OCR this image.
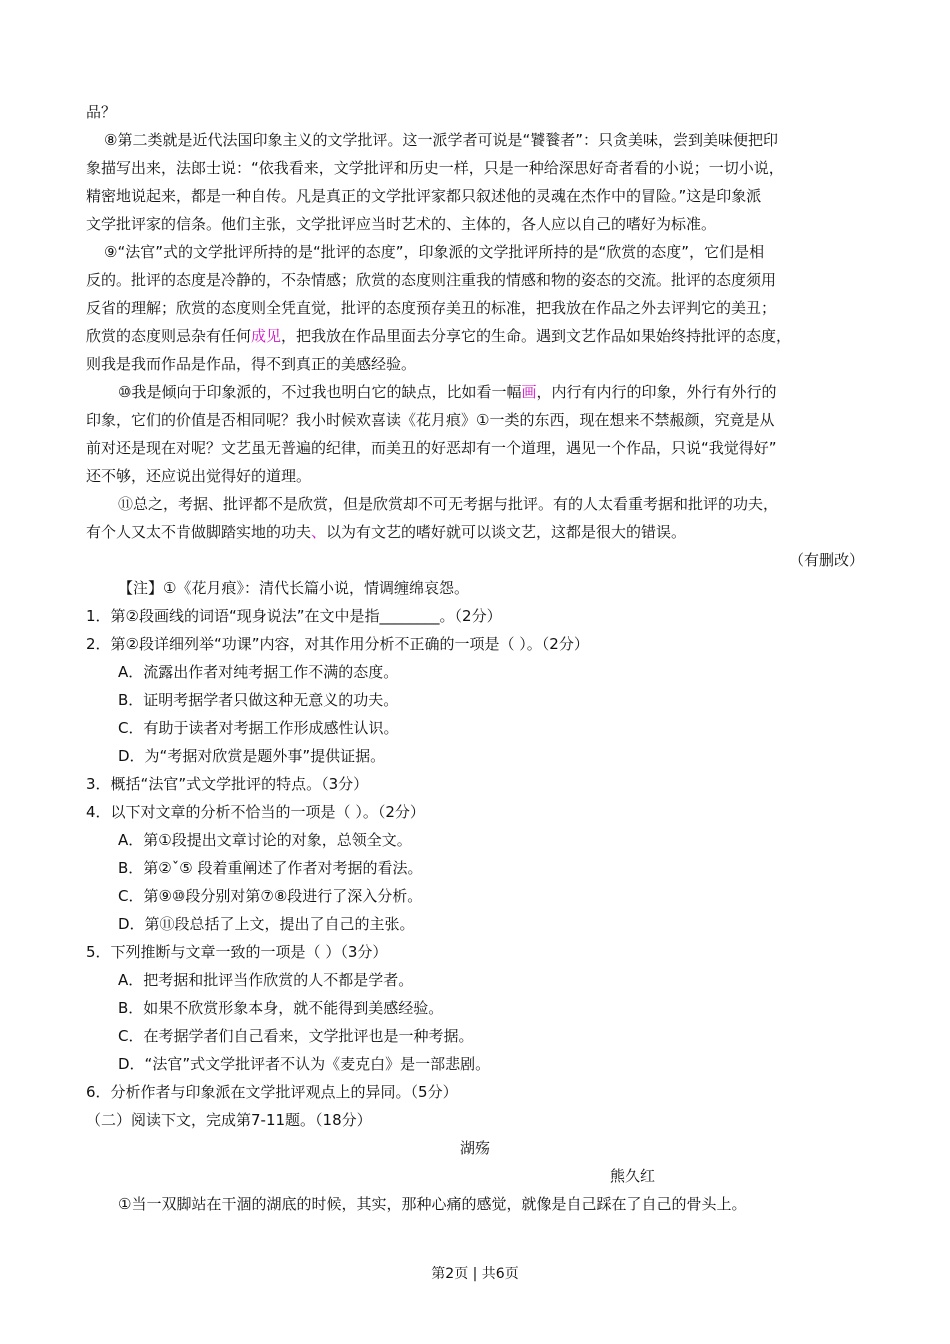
品？
⑧第二类就是近代法国印象主义的文学批评。这一派学者可说是“饕餮者”：只贪美味，尝到美味便把印
象描写出来，法郎士说：“依我看来，文学批评和历史一样，只是一种给深思好奇者看的小说；一切小说，
精密地说起来，都是一种自传。凡是真正的文学批评家都只叙述他的灵魂在杰作中的冒险。”这是印象派
文学批评家的信条。他们主张，文学批评应当时艺术的、主体的，各人应以自己的嗜好为标准。
⑨“法官”式的文学批评所持的是“批评的态度”，印象派的文学批评所持的是“欣赏的态度”，它们是相
反的。批评的态度是冷静的，不杂情感；欣赏的态度则注重我的情感和物的姿态的交流。批评的态度须用
反省的理解；欣赏的态度则全凭直觉，批评的态度预存美丑的标准，把我放在作品之外去评判它的美丑；
欣赏的态度则忌杂有任何成见，把我放在作品里面去分享它的生命。遇到文艺作品如果始终持批评的态度，
则我是我而作品是作品，得不到真正的美感经验。
⑩我是倾向于印象派的，不过我也明白它的缺点，比如看一幅画，内行有内行的印象，外行有外行的
印象，它们的价值是否相同呢？我小时候欢喜读《花月痕》①一类的东西，现在想来不禁赧颜，究竟是从
前对还是现在对呢？文艺虽无普遍的纪律，而美丑的好恶却有一个道理，遇见一个作品，只说“我觉得好”
还不够，还应说出觉得好的道理。
⑪总之，考据、批评都不是欣赏，但是欣赏却不可无考据与批评。有的人太看重考据和批评的功夫，
有个人又太不肯做脚踏实地的功夫、以为有文艺的嗜好就可以谈文艺，这都是很大的错误。
（有删改）
【注】①《花月痕》：清代长篇小说，情调缠绵哀怨。
1．第②段画线的词语“现身说法”在文中是指________。（2分）
2．第②段详细列举“功课”内容，对其作用分析不正确的一项是（ ）。（2分）
A．流露出作者对纯考据工作不满的态度。
B．证明考据学者只做这种无意义的功夫。
C．有助于读者对考据工作形成感性认识。
D．为“考据对欣赏是题外事”提供证据。
3．概括“法官”式文学批评的特点。（3分）
4．以下对文章的分析不恰当的一项是（ ）。（2分）
A．第①段提出文章讨论的对象，总领全文。
B．第②ˇ⑤ 段着重阐述了作者对考据的看法。
C．第⑨⑩段分别对第⑦⑧段进行了深入分析。
D．第⑪段总括了上文，提出了自己的主张。
5．下列推断与文章一致的一项是（ ）（3分）
A．把考据和批评当作欣赏的人不都是学者。
B．如果不欣赏形象本身，就不能得到美感经验。
C．在考据学者们自己看来，文学批评也是一种考据。
D．“法官”式文学批评者不认为《麦克白》是一部悲剧。
6．分析作者与印象派在文学批评观点上的异同。（5分）
（二）阅读下文，完成第7-11题。（18分）
湖殇
熊久红
①当一双脚站在干涸的湖底的时候，其实，那种心痛的感觉，就像是自己踩在了自己的骨头上。
第2页 | 共6页
